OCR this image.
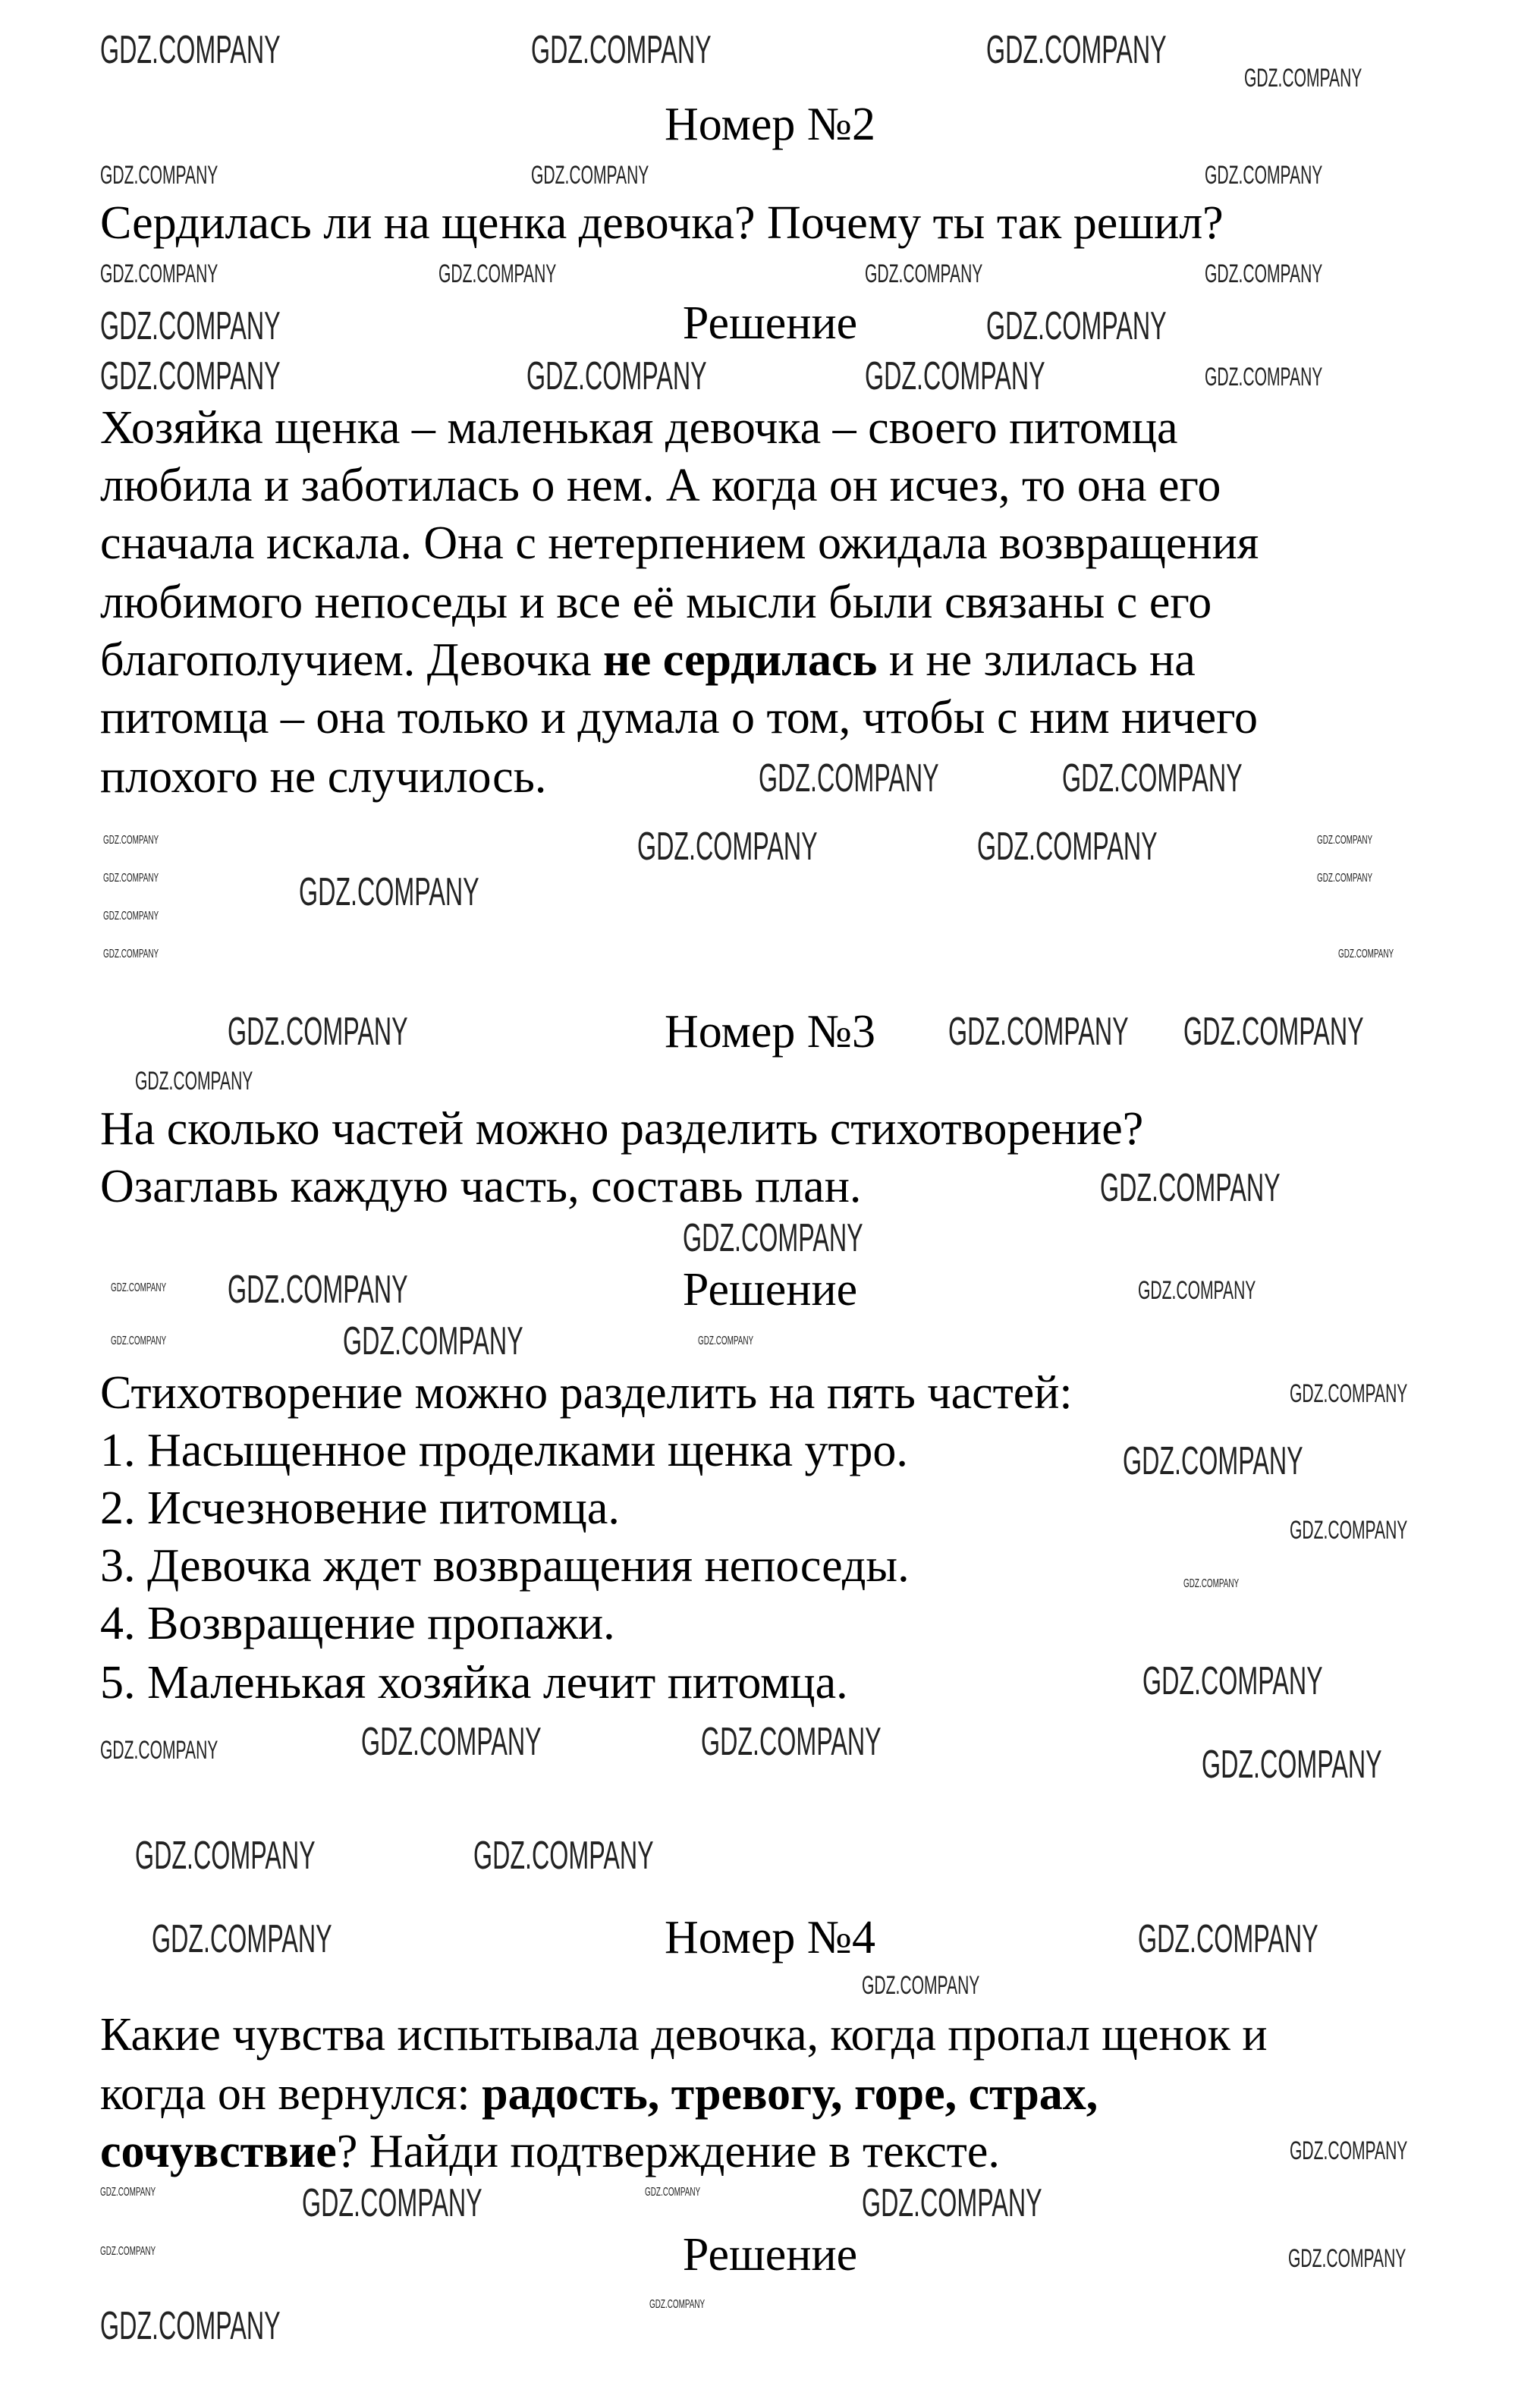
Номер №2
Сердилась ли на щенка девочка? Почему ты так решил?
Решение
Хозяйка щенка – маленькая девочка – своего питомца
любила и заботилась о нем. А когда он исчез, то она его
сначала искала. Она с нетерпением ожидала возвращения
любимого непоседы и все её мысли были связаны с его
благополучием. Девочка не сердилась и не злилась на
питомца – она только и думала о том, чтобы с ним ничего
плохого не случилось.
Номер №3
На сколько частей можно разделить стихотворение?
Озаглавь каждую часть, составь план.
Решение
Стихотворение можно разделить на пять частей:
1. Насыщенное проделками щенка утро.
2. Исчезновение питомца.
3. Девочка ждет возвращения непоседы.
4. Возвращение пропажи.
5. Маленькая хозяйка лечит питомца.
Номер №4
Какие чувства испытывала девочка, когда пропал щенок и
когда он вернулся: радость, тревогу, горе, страх,
сочувствие? Найди подтверждение в тексте.
Решение
GDZ.COMPANY	GDZ.COMPANY	GDZ.COMPANY
GDZ.COMPANY
GDZ.COMPANY	GDZ.COMPANY	GDZ.COMPANY
GDZ.COMPANY	GDZ.COMPANY	GDZ.COMPANY	GDZ.COMPANY
GDZ.COMPANY	GDZ.COMPANY
GDZ.COMPANY	GDZ.COMPANY	GDZ.COMPANY	GDZ.COMPANY
GDZ.COMPANY	GDZ.COMPANY
GDZ.COMPANY	GDZ.COMPANY
GDZ.COMPANY
GDZ.COMPANY
GDZ.COMPANY
GDZ.COMPANY
GDZ.COMPANY
GDZ.COMPANY
GDZ.COMPANY
GDZ.COMPANY
GDZ.COMPANY GDZ.COMPANY
GDZ.COMPANY
GDZ.COMPANY
GDZ.COMPANY
GDZ.COMPANY
GDZ.COMPANY GDZ.COMPANY	GDZ.COMPANY
GDZ.COMPANY	GDZ.COMPANY
GDZ.COMPANY
GDZ.COMPANY
GDZ.COMPANY
GDZ.COMPANY
GDZ.COMPANY
GDZ.COMPANY
GDZ.COMPANY	GDZ.COMPANY
GDZ.COMPANY	GDZ.COMPANY
GDZ.COMPANY	GDZ.COMPANY
GDZ.COMPANY
GDZ.COMPANY
GDZ.COMPANY
GDZ.COMPANY
GDZ.COMPANY	GDZ.COMPANY
GDZ.COMPANY	GDZ.COMPANY
GDZ.COMPANY	GDZ.COMPANY
GDZ.COMPANY	GDZ.COMPANY
